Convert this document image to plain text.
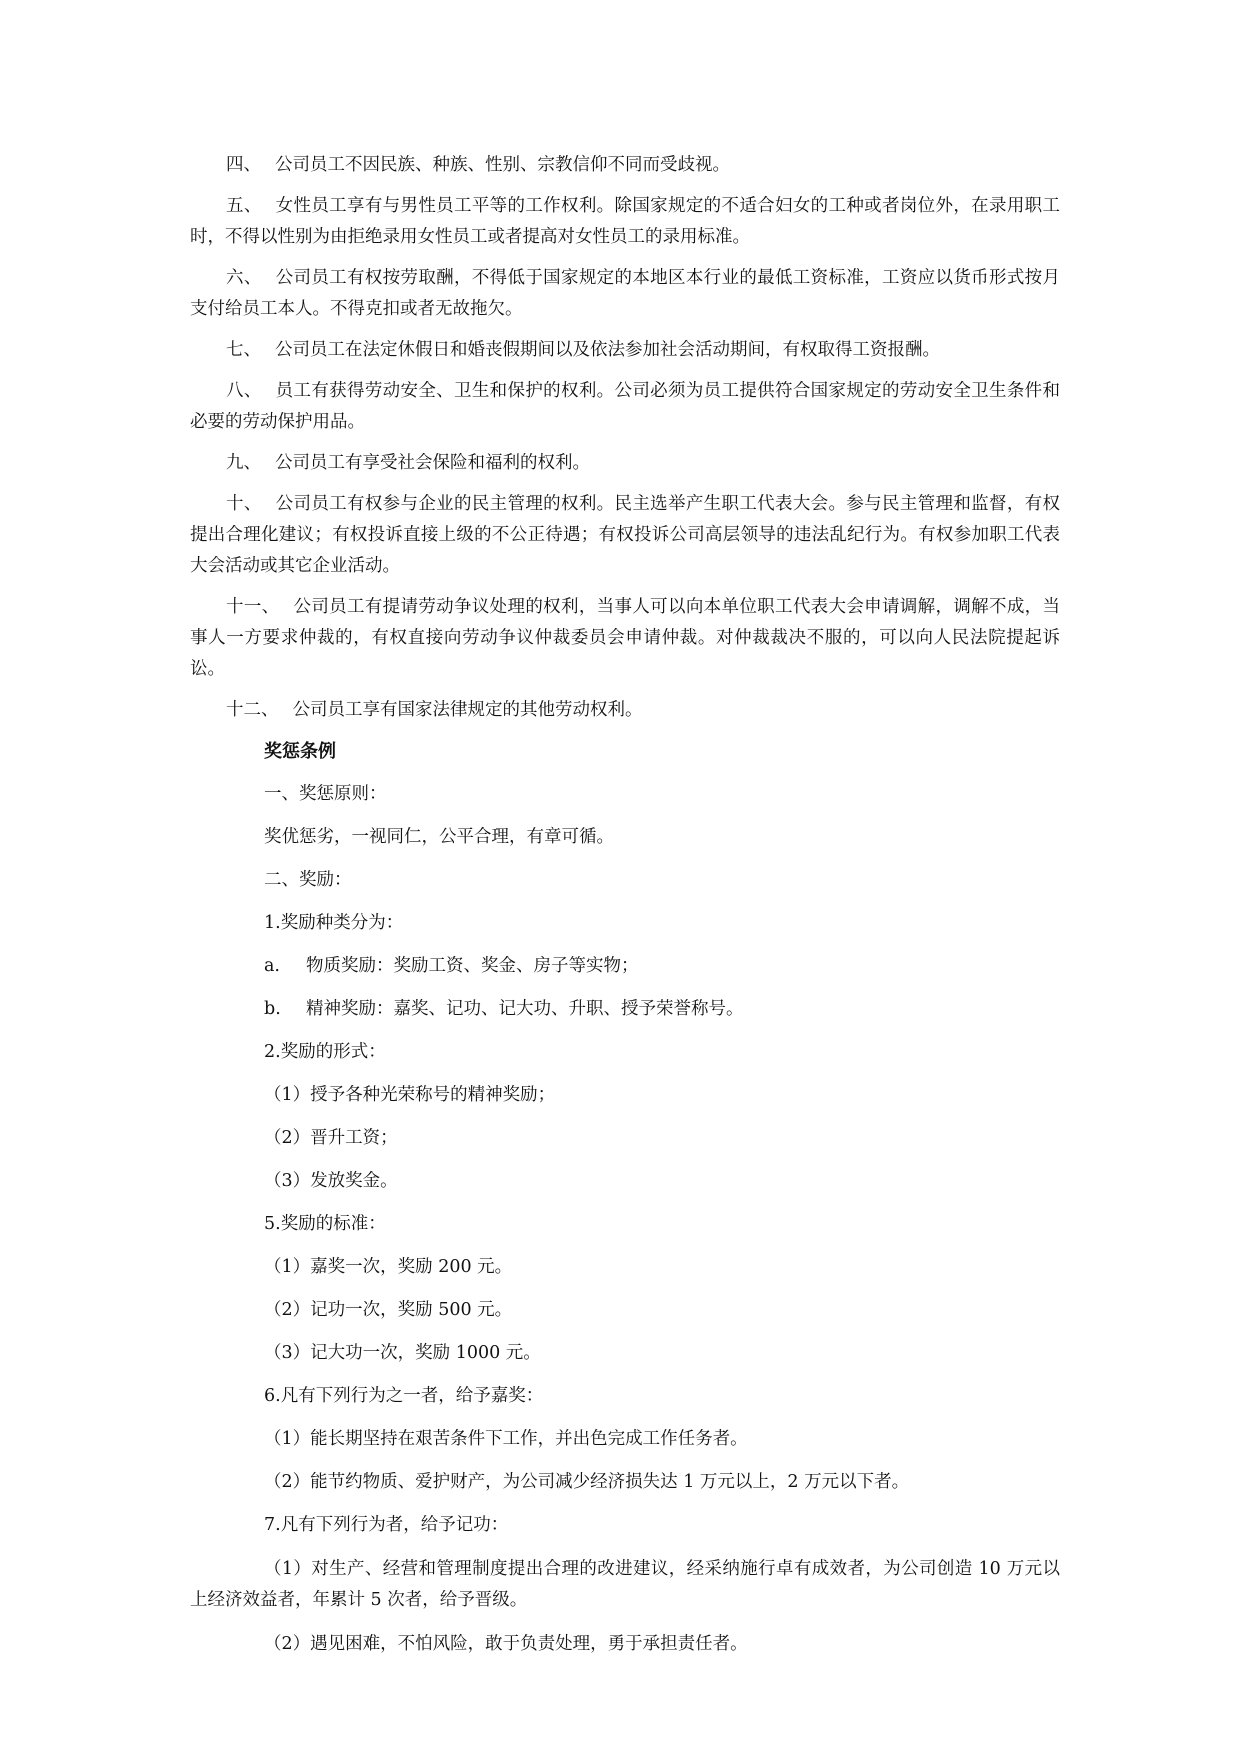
四、 公司员工不因民族、种族、性别、宗教信仰不同而受歧视。

五、 女性员工享有与男性员工平等的工作权利。除国家规定的不适合妇女的工种或者岗位外，在录用职工时，不得以性别为由拒绝录用女性员工或者提高对女性员工的录用标准。

六、 公司员工有权按劳取酬，不得低于国家规定的本地区本行业的最低工资标准，工资应以货币形式按月支付给员工本人。不得克扣或者无故拖欠。

七、 公司员工在法定休假日和婚丧假期间以及依法参加社会活动期间，有权取得工资报酬。

八、 员工有获得劳动安全、卫生和保护的权利。公司必须为员工提供符合国家规定的劳动安全卫生条件和必要的劳动保护用品。

九、 公司员工有享受社会保险和福利的权利。

十、 公司员工有权参与企业的民主管理的权利。民主选举产生职工代表大会。参与民主管理和监督，有权提出合理化建议；有权投诉直接上级的不公正待遇；有权投诉公司高层领导的违法乱纪行为。有权参加职工代表大会活动或其它企业活动。

十一、 公司员工有提请劳动争议处理的权利，当事人可以向本单位职工代表大会申请调解，调解不成，当事人一方要求仲裁的，有权直接向劳动争议仲裁委员会申请仲裁。对仲裁裁决不服的，可以向人民法院提起诉讼。

十二、 公司员工享有国家法律规定的其他劳动权利。

奖惩条例

一、奖惩原则：

奖优惩劣，一视同仁，公平合理，有章可循。

二、奖励：

1.奖励种类分为：

a.	物质奖励：奖励工资、奖金、房子等实物；

b.	精神奖励：嘉奖、记功、记大功、升职、授予荣誉称号。

2.奖励的形式：

（1）授予各种光荣称号的精神奖励；

（2）晋升工资；

（3）发放奖金。

5.奖励的标准：

（1）嘉奖一次，奖励 200 元。

（2）记功一次，奖励 500 元。

（3）记大功一次，奖励 1000 元。

6.凡有下列行为之一者，给予嘉奖：

（1）能长期坚持在艰苦条件下工作，并出色完成工作任务者。

（2）能节约物质、爱护财产，为公司减少经济损失达 1 万元以上，2 万元以下者。

7.凡有下列行为者，给予记功：

（1）对生产、经营和管理制度提出合理的改进建议，经采纳施行卓有成效者，为公司创造 10 万元以上经济效益者，年累计 5 次者，给予晋级。

（2）遇见困难，不怕风险，敢于负责处理，勇于承担责任者。
